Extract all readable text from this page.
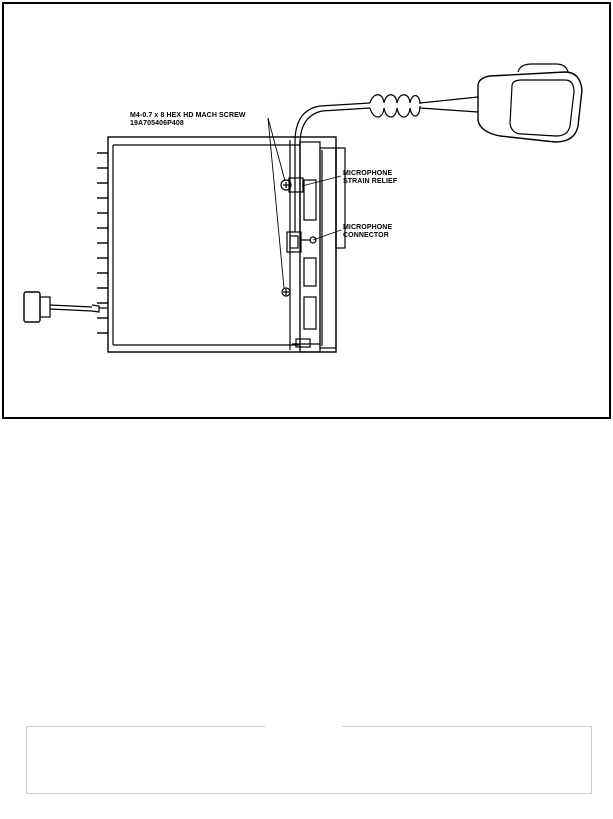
M4-0.7 x 8 HEX HD MACH SCREW
19A705406P408
MICROPHONE
STRAIN RELIEF
MICROPHONE
CONNECTOR
